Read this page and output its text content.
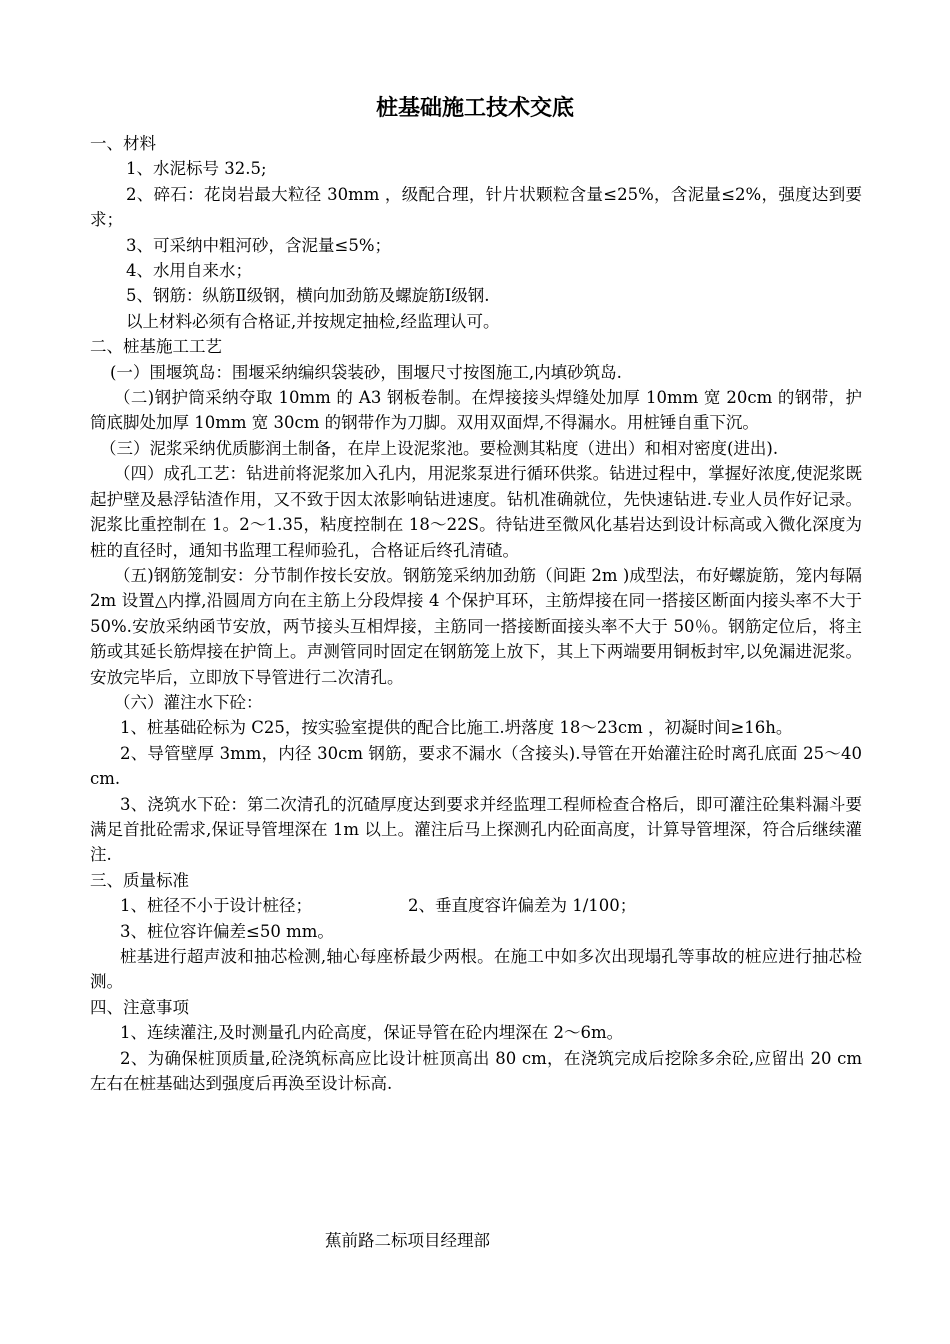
桩基础施工技术交底

一、材料

1、水泥标号 32.5;

2、碎石：花岗岩最大粒径 30mm ，级配合理，针片状颗粒含量≤25%，含泥量≤2%，强度达到要求；

3、可采纳中粗河砂，含泥量≤5%；

4、水用自来水；

5、钢筋：纵筋Ⅱ级钢，横向加劲筋及螺旋筋Ⅰ级钢.

以上材料必须有合格证,并按规定抽检,经监理认可。

二、桩基施工工艺

(一）围堰筑岛：围堰采纳编织袋装砂，围堰尺寸按图施工,内填砂筑岛.

（二)钢护筒采纳夺取 10mm 的 A3 钢板卷制。在焊接接头焊缝处加厚 10mm 宽 20cm 的钢带，护筒底脚处加厚 10mm 宽 30cm 的钢带作为刀脚。双用双面焊,不得漏水。用桩锤自重下沉。

（三）泥浆采纳优质膨润土制备，在岸上设泥浆池。要检测其粘度（进出）和相对密度(进出).

（四）成孔工艺：钻进前将泥浆加入孔内，用泥浆泵进行循环供浆。钻进过程中，掌握好浓度,使泥浆既起护壁及悬浮钻渣作用，又不致于因太浓影响钻进速度。钻机准确就位，先快速钻进.专业人员作好记录。泥浆比重控制在 1。2～1.35，粘度控制在 18～22S。待钻进至微风化基岩达到设计标高或入微化深度为桩的直径时，通知书监理工程师验孔，合格证后终孔清碴。

（五)钢筋笼制安：分节制作按长安放。钢筋笼采纳加劲筋（间距 2m )成型法，布好螺旋筋，笼内每隔 2m 设置△内撑,沿圆周方向在主筋上分段焊接 4 个保护耳环，主筋焊接在同一搭接区断面内接头率不大于 50%.安放采纳函节安放，两节接头互相焊接，主筋同一搭接断面接头率不大于 50％。钢筋定位后，将主筋或其延长筋焊接在护筒上。声测管同时固定在钢筋笼上放下，其上下两端要用铜板封牢,以免漏进泥浆。安放完毕后，立即放下导管进行二次清孔。

（六）灌注水下砼：

1、桩基础砼标为 C25，按实验室提供的配合比施工.坍落度 18～23cm ，初凝时间≥16h。

2、导管壁厚 3mm，内径 30cm 钢筋，要求不漏水（含接头).导管在开始灌注砼时离孔底面 25～40cm.

3、浇筑水下砼：第二次清孔的沉碴厚度达到要求并经监理工程师检查合格后，即可灌注砼集料漏斗要满足首批砼需求,保证导管埋深在 1m 以上。灌注后马上探测孔内砼面高度，计算导管埋深，符合后继续灌注.

三、质量标准

1、桩径不小于设计桩径；	2、垂直度容许偏差为 1/100；

3、桩位容许偏差≤50 mm。

桩基进行超声波和抽芯检测,轴心每座桥最少两根。在施工中如多次出现塌孔等事故的桩应进行抽芯检测。

四、注意事项

1、连续灌注,及时测量孔内砼高度，保证导管在砼内埋深在 2～6m。

2、为确保桩顶质量,砼浇筑标高应比设计桩顶高出 80 cm，在浇筑完成后挖除多余砼,应留出 20 cm 左右在桩基础达到强度后再涣至设计标高.

蕉前路二标项目经理部
